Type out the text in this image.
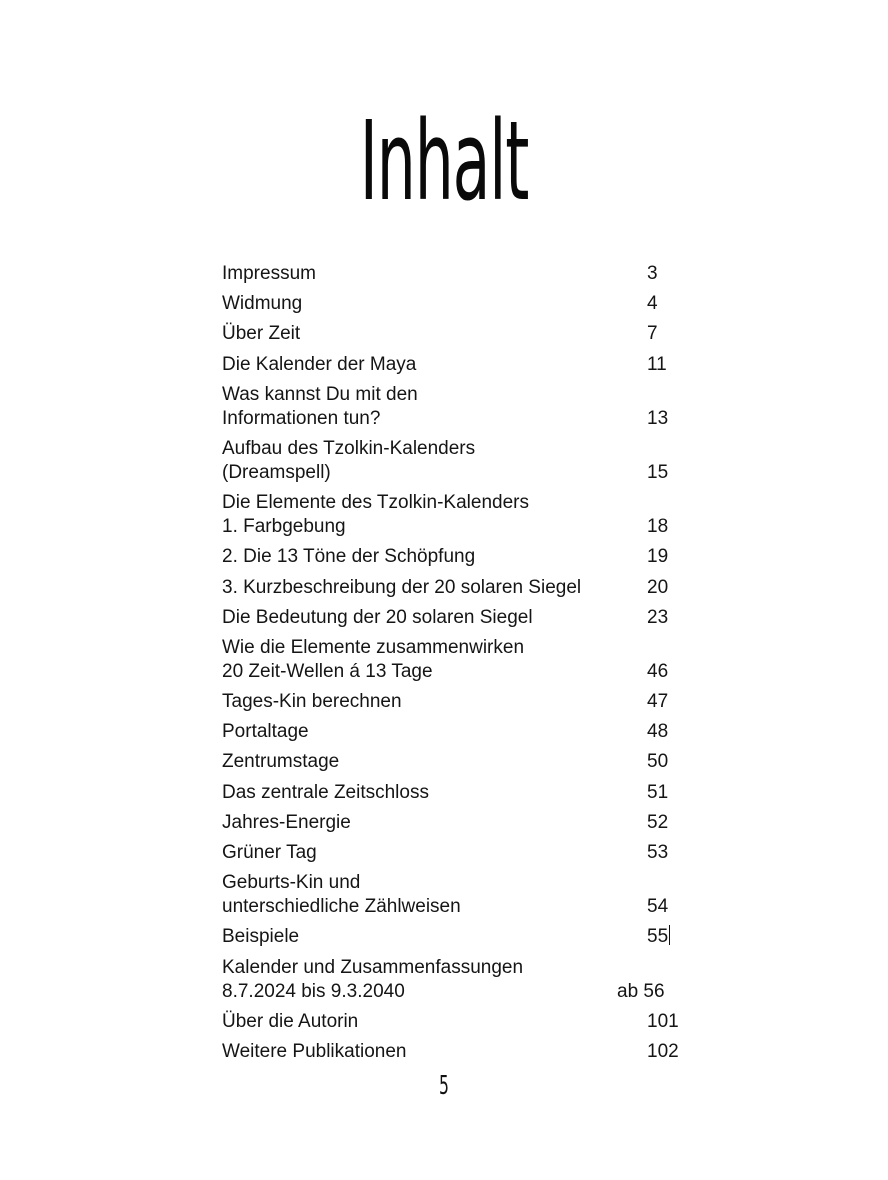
Inhalt
Impressum	3
Widmung	4
Über Zeit	7
Die Kalender der Maya	11
Was kannst Du mit den
Informationen tun?	13
Aufbau des Tzolkin-Kalenders
(Dreamspell)	15
Die Elemente des Tzolkin-Kalenders
1. Farbgebung	18
2. Die 13 Töne der Schöpfung	19
3. Kurzbeschreibung der 20 solaren Siegel	20
Die Bedeutung der 20 solaren Siegel	23
Wie die Elemente zusammenwirken
20 Zeit-Wellen á 13 Tage	46
Tages-Kin berechnen	47
Portaltage	48
Zentrumstage	50
Das zentrale Zeitschloss	51
Jahres-Energie	52
Grüner Tag	53
Geburts-Kin und
unterschiedliche Zählweisen	54
Beispiele	55
Kalender und Zusammenfassungen
8.7.2024 bis 9.3.2040	ab 56
Über die Autorin	101
Weitere Publikationen	102
5
